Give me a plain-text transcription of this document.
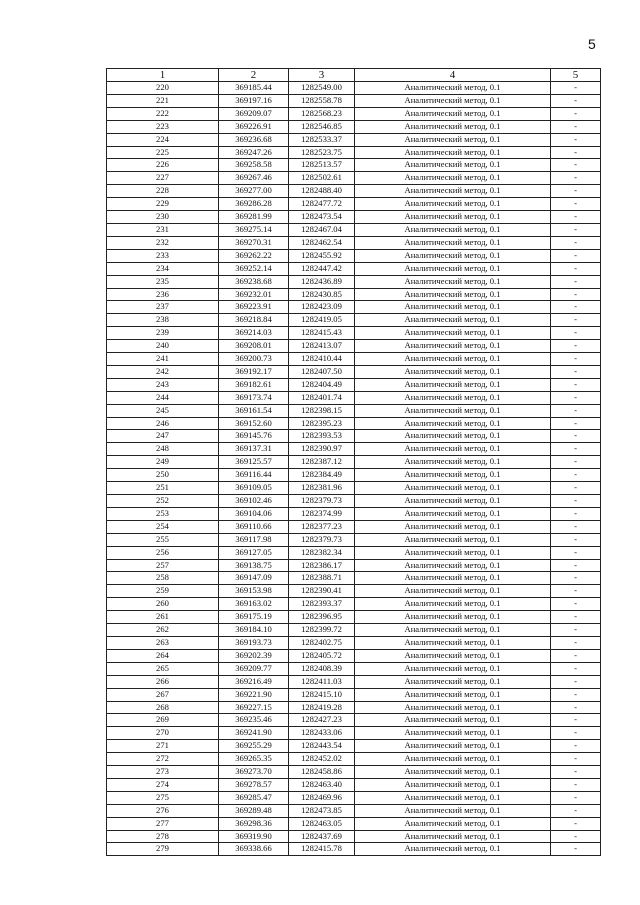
5
1	2	3	4	5
220	369185.44	1282549.00	Аналитический метод, 0.1	-
221	369197.16	1282558.78	Аналитический метод, 0.1	-
222	369209.07	1282568.23	Аналитический метод, 0.1	-
223	369226.91	1282546.85	Аналитический метод, 0.1	-
224	369236.68	1282533.37	Аналитический метод, 0.1	-
225	369247.26	1282523.75	Аналитический метод, 0.1	-
226	369258.58	1282513.57	Аналитический метод, 0.1	-
227	369267.46	1282502.61	Аналитический метод, 0.1	-
228	369277.00	1282488.40	Аналитический метод, 0.1	-
229	369286.28	1282477.72	Аналитический метод, 0.1	-
230	369281.99	1282473.54	Аналитический метод, 0.1	-
231	369275.14	1282467.04	Аналитический метод, 0.1	-
232	369270.31	1282462.54	Аналитический метод, 0.1	-
233	369262.22	1282455.92	Аналитический метод, 0.1	-
234	369252.14	1282447.42	Аналитический метод, 0.1	-
235	369238.68	1282436.89	Аналитический метод, 0.1	-
236	369232.01	1282430.85	Аналитический метод, 0.1	-
237	369223.91	1282423.09	Аналитический метод, 0.1	-
238	369218.84	1282419.05	Аналитический метод, 0.1	-
239	369214.03	1282415.43	Аналитический метод, 0.1	-
240	369208.01	1282413.07	Аналитический метод, 0.1	-
241	369200.73	1282410.44	Аналитический метод, 0.1	-
242	369192.17	1282407.50	Аналитический метод, 0.1	-
243	369182.61	1282404.49	Аналитический метод, 0.1	-
244	369173.74	1282401.74	Аналитический метод, 0.1	-
245	369161.54	1282398.15	Аналитический метод, 0.1	-
246	369152.60	1282395.23	Аналитический метод, 0.1	-
247	369145.76	1282393.53	Аналитический метод, 0.1	-
248	369137.31	1282390.97	Аналитический метод, 0.1	-
249	369125.57	1282387.12	Аналитический метод, 0.1	-
250	369116.44	1282384.49	Аналитический метод, 0.1	-
251	369109.05	1282381.96	Аналитический метод, 0.1	-
252	369102.46	1282379.73	Аналитический метод, 0.1	-
253	369104.06	1282374.99	Аналитический метод, 0.1	-
254	369110.66	1282377.23	Аналитический метод, 0.1	-
255	369117.98	1282379.73	Аналитический метод, 0.1	-
256	369127.05	1282382.34	Аналитический метод, 0.1	-
257	369138.75	1282386.17	Аналитический метод, 0.1	-
258	369147.09	1282388.71	Аналитический метод, 0.1	-
259	369153.98	1282390.41	Аналитический метод, 0.1	-
260	369163.02	1282393.37	Аналитический метод, 0.1	-
261	369175.19	1282396.95	Аналитический метод, 0.1	-
262	369184.10	1282399.72	Аналитический метод, 0.1	-
263	369193.73	1282402.75	Аналитический метод, 0.1	-
264	369202.39	1282405.72	Аналитический метод, 0.1	-
265	369209.77	1282408.39	Аналитический метод, 0.1	-
266	369216.49	1282411.03	Аналитический метод, 0.1	-
267	369221.90	1282415.10	Аналитический метод, 0.1	-
268	369227.15	1282419.28	Аналитический метод, 0.1	-
269	369235.46	1282427.23	Аналитический метод, 0.1	-
270	369241.90	1282433.06	Аналитический метод, 0.1	-
271	369255.29	1282443.54	Аналитический метод, 0.1	-
272	369265.35	1282452.02	Аналитический метод, 0.1	-
273	369273.70	1282458.86	Аналитический метод, 0.1	-
274	369278.57	1282463.40	Аналитический метод, 0.1	-
275	369285.47	1282469.96	Аналитический метод, 0.1	-
276	369289.48	1282473.85	Аналитический метод, 0.1	-
277	369298.36	1282463.05	Аналитический метод, 0.1	-
278	369319.90	1282437.69	Аналитический метод, 0.1	-
279	369338.66	1282415.78	Аналитический метод, 0.1	-
